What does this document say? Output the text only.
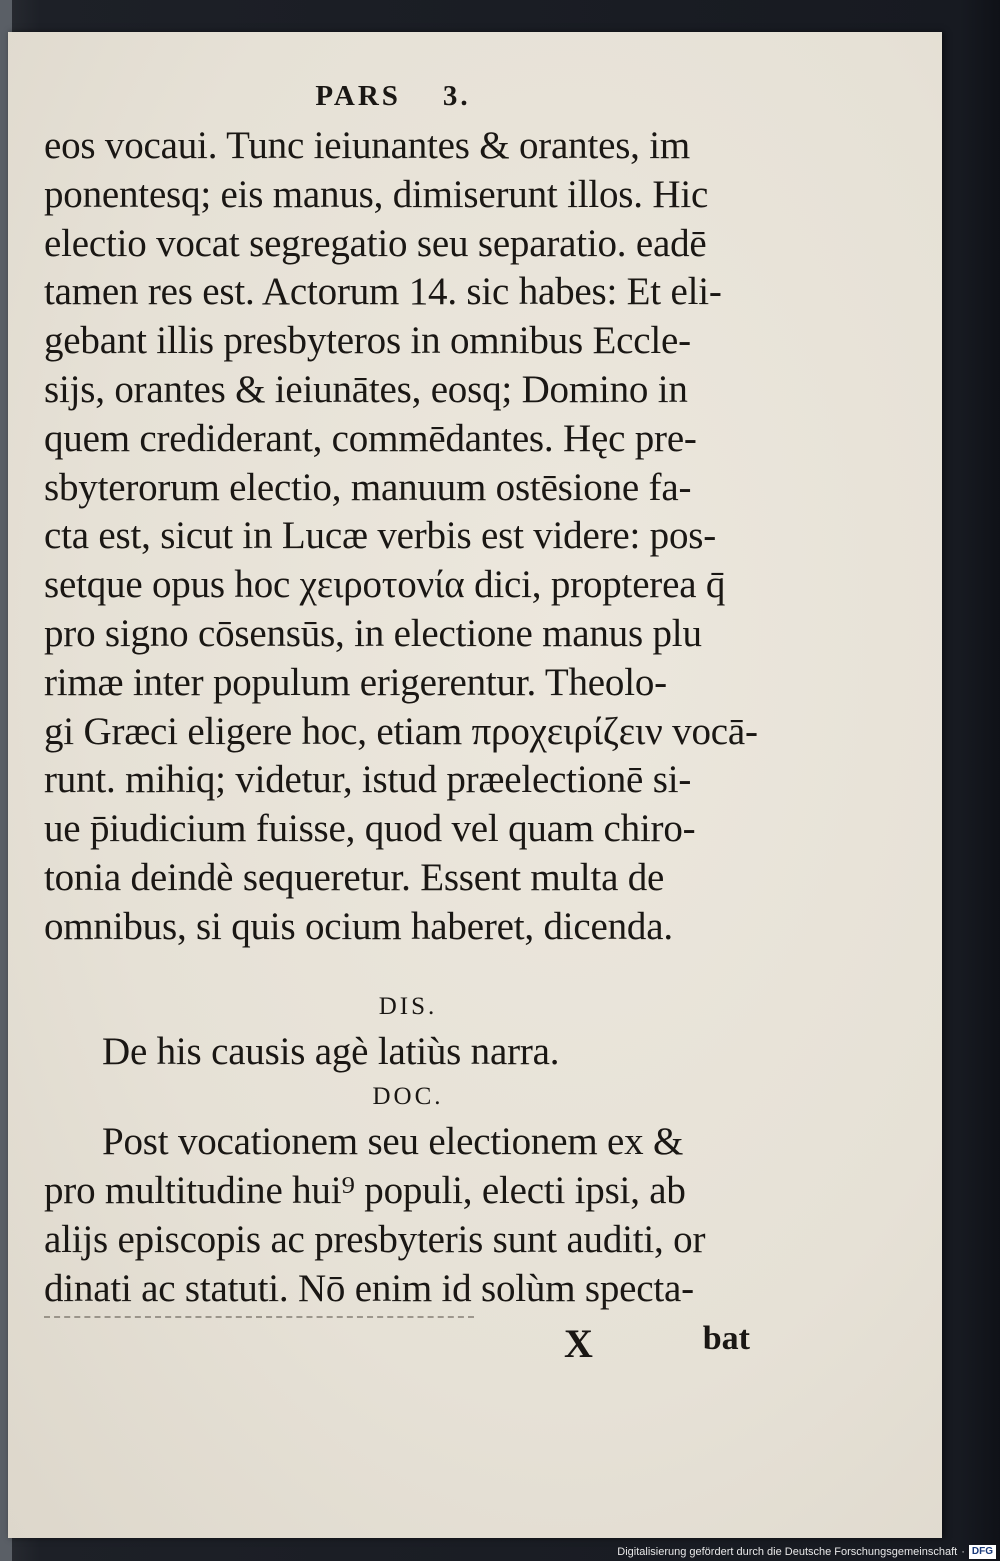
PARS 3.
eos vocaui. Tunc ieiunantes & orantes, im
ponentesq; eis manus, dimiserunt illos. Hic
electio vocat segregatio seu separatio. eadē
tamen res est. Actorum 14. sic habes: Et eli-
gebant illis presbyteros in omnibus Eccle-
sijs, orantes & ieiunātes, eosq; Domino in
quem crediderant, commēdantes. Hęc pre-
sbyterorum electio, manuum ostēsione fa-
cta est, sicut in Lucæ verbis est videre: pos-
setque opus hoc χειροτονία dici, propterea q̄
pro signo cōsensūs, in electione manus plu
rimæ inter populum erigerentur. Theolo-
gi Græci eligere hoc, etiam προχειρίζειν vocā-
runt. mihiq; videtur, istud præelectionē si-
ue p̄iudicium fuisse, quod vel quam chiro-
tonia deindè sequeretur. Essent multa de
omnibus, si quis ocium haberet, dicenda.
DIS.
De his causis agè latiùs narra.
DOC.
Post vocationem seu electionem ex &
pro multitudine hui⁹ populi, electi ipsi, ab
alijs episcopis ac presbyteris sunt auditi, or
dinati ac statuti. Nō enim id solùm specta-
X	bat
Digitalisierung gefördert durch die Deutsche Forschungsgemeinschaft · DFG
